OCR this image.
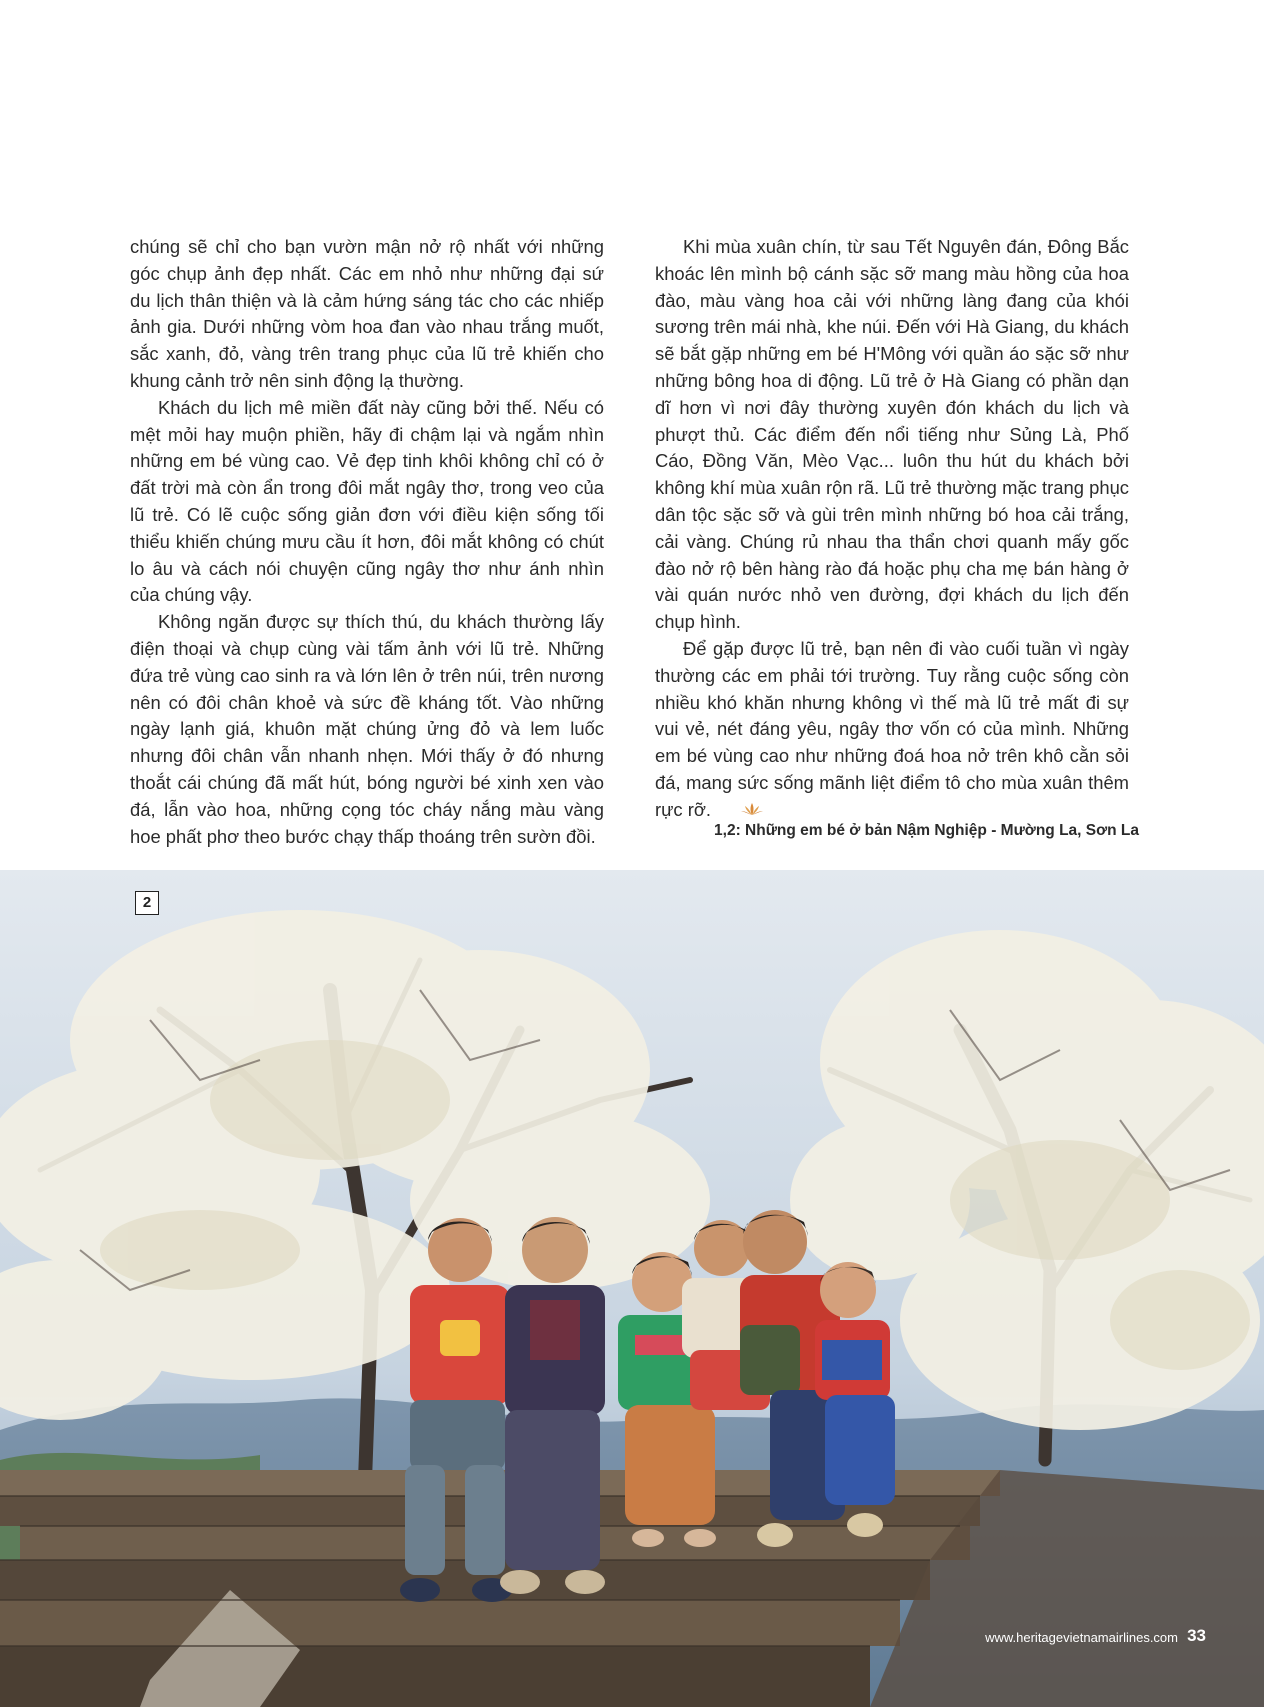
chúng sẽ chỉ cho bạn vườn mận nở rộ nhất với những góc chụp ảnh đẹp nhất. Các em nhỏ như những đại sứ du lịch thân thiện và là cảm hứng sáng tác cho các nhiếp ảnh gia. Dưới những vòm hoa đan vào nhau trắng muốt, sắc xanh, đỏ, vàng trên trang phục của lũ trẻ khiến cho khung cảnh trở nên sinh động lạ thường.

Khách du lịch mê miền đất này cũng bởi thế. Nếu có mệt mỏi hay muộn phiền, hãy đi chậm lại và ngắm nhìn những em bé vùng cao. Vẻ đẹp tinh khôi không chỉ có ở đất trời mà còn ẩn trong đôi mắt ngây thơ, trong veo của lũ trẻ. Có lẽ cuộc sống giản đơn với điều kiện sống tối thiểu khiến chúng mưu cầu ít hơn, đôi mắt không có chút lo âu và cách nói chuyện cũng ngây thơ như ánh nhìn của chúng vậy.

Không ngăn được sự thích thú, du khách thường lấy điện thoại và chụp cùng vài tấm ảnh với lũ trẻ. Những đứa trẻ vùng cao sinh ra và lớn lên ở trên núi, trên nương nên có đôi chân khoẻ và sức đề kháng tốt. Vào những ngày lạnh giá, khuôn mặt chúng ửng đỏ và lem luốc nhưng đôi chân vẫn nhanh nhẹn. Mới thấy ở đó nhưng thoắt cái chúng đã mất hút, bóng người bé xinh xen vào đá, lẫn vào hoa, những cọng tóc cháy nắng màu vàng hoe phất phơ theo bước chạy thấp thoáng trên sườn đồi.

Khi mùa xuân chín, từ sau Tết Nguyên đán, Đông Bắc khoác lên mình bộ cánh sặc sỡ mang màu hồng của hoa đào, màu vàng hoa cải với những làng đang của khói sương trên mái nhà, khe núi. Đến với Hà Giang, du khách sẽ bắt gặp những em bé H'Mông với quần áo sặc sỡ như những bông hoa di động. Lũ trẻ ở Hà Giang có phần dạn dĩ hơn vì nơi đây thường xuyên đón khách du lịch và phượt thủ. Các điểm đến nổi tiếng như Sủng Là, Phố Cáo, Đồng Văn, Mèo Vạc... luôn thu hút du khách bởi không khí mùa xuân rộn rã. Lũ trẻ thường mặc trang phục dân tộc sặc sỡ và gùi trên mình những bó hoa cải trắng, cải vàng. Chúng rủ nhau tha thẩn chơi quanh mấy gốc đào nở rộ bên hàng rào đá hoặc phụ cha mẹ bán hàng ở vài quán nước nhỏ ven đường, đợi khách du lịch đến chụp hình.

Để gặp được lũ trẻ, bạn nên đi vào cuối tuần vì ngày thường các em phải tới trường. Tuy rằng cuộc sống còn nhiều khó khăn nhưng không vì thế mà lũ trẻ mất đi sự vui vẻ, nét đáng yêu, ngây thơ vốn có của mình. Những em bé vùng cao như những đoá hoa nở trên khô cằn sỏi đá, mang sức sống mãnh liệt điểm tô cho mùa xuân thêm rực rỡ.

1,2: Những em bé ở bản Nậm Nghiệp - Mường La, Sơn La
2
www.heritagevietnamairlines.com 33
